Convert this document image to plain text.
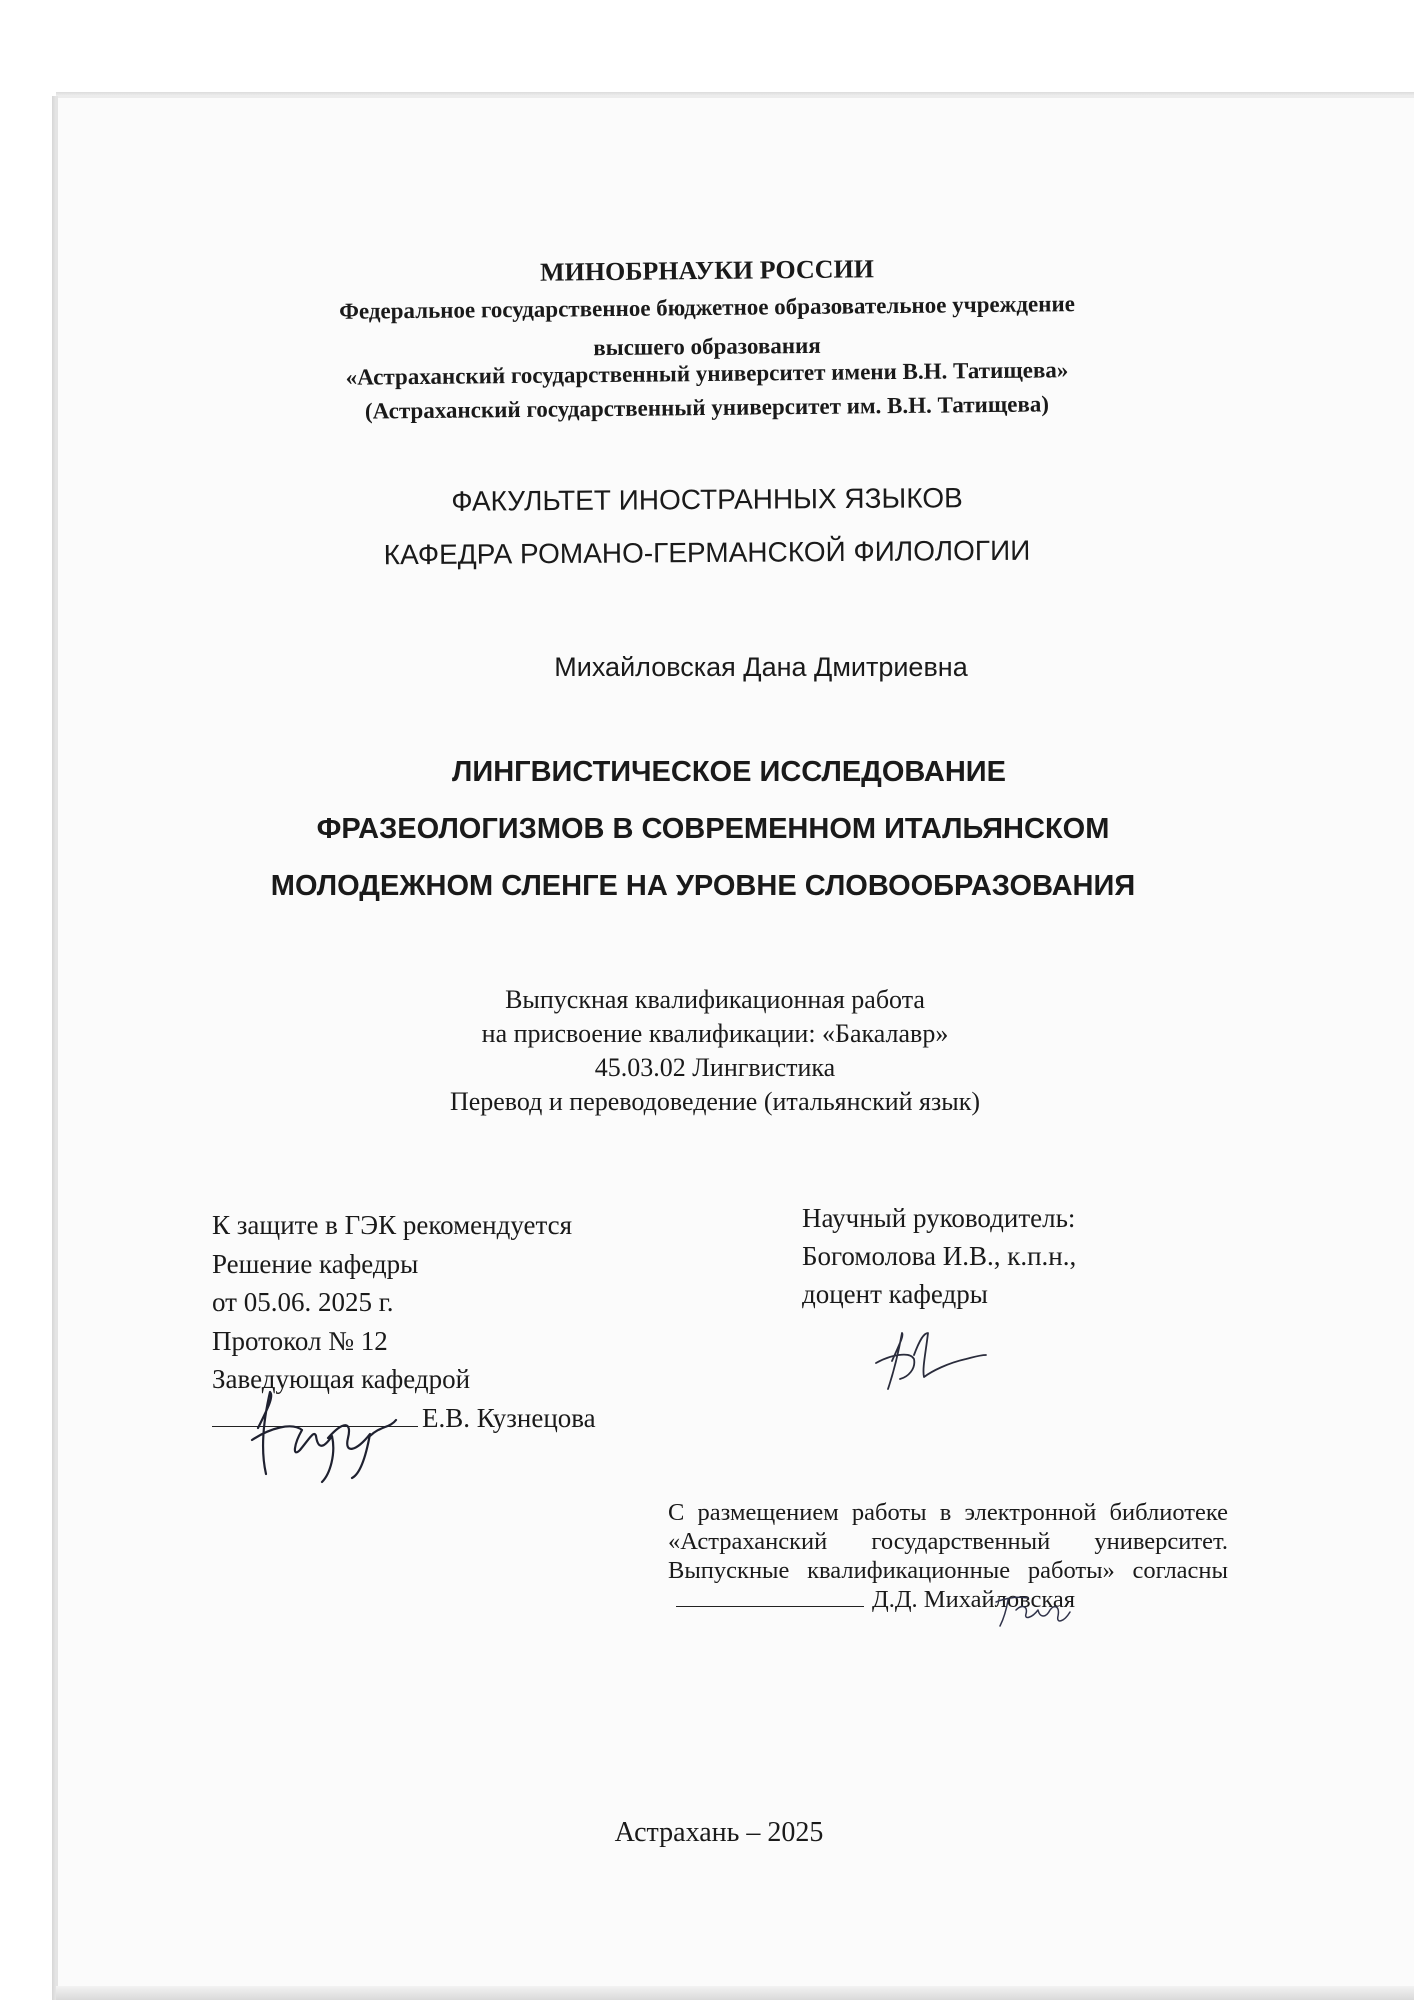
МИНОБРНАУКИ РОССИИ
Федеральное государственное бюджетное образовательное учреждение
высшего образования
«Астраханский государственный университет имени В.Н. Татищева»
(Астраханский государственный университет им. В.Н. Татищева)
ФАКУЛЬТЕТ ИНОСТРАННЫХ ЯЗЫКОВ
КАФЕДРА РОМАНО-ГЕРМАНСКОЙ ФИЛОЛОГИИ
Михайловская Дана Дмитриевна
ЛИНГВИСТИЧЕСКОЕ ИССЛЕДОВАНИЕ
ФРАЗЕОЛОГИЗМОВ В СОВРЕМЕННОМ ИТАЛЬЯНСКОМ
МОЛОДЕЖНОМ СЛЕНГЕ НА УРОВНЕ СЛОВООБРАЗОВАНИЯ
Выпускная квалификационная работа
на присвоение квалификации: «Бакалавр»
45.03.02 Лингвистика
Перевод и переводоведение (итальянский язык)
К защите в ГЭК рекомендуется
Решение кафедры
от 05.06. 2025 г.
Протокол № 12
Заведующая кафедрой
Е.В. Кузнецова
Научный руководитель:
Богомолова И.В., к.п.н.,
доцент кафедры
С размещением работы в электронной библиотеке «Астраханский государственный университет. Выпускные квалификационные работы» согласныД.Д. Михайловская
Астрахань – 2025
